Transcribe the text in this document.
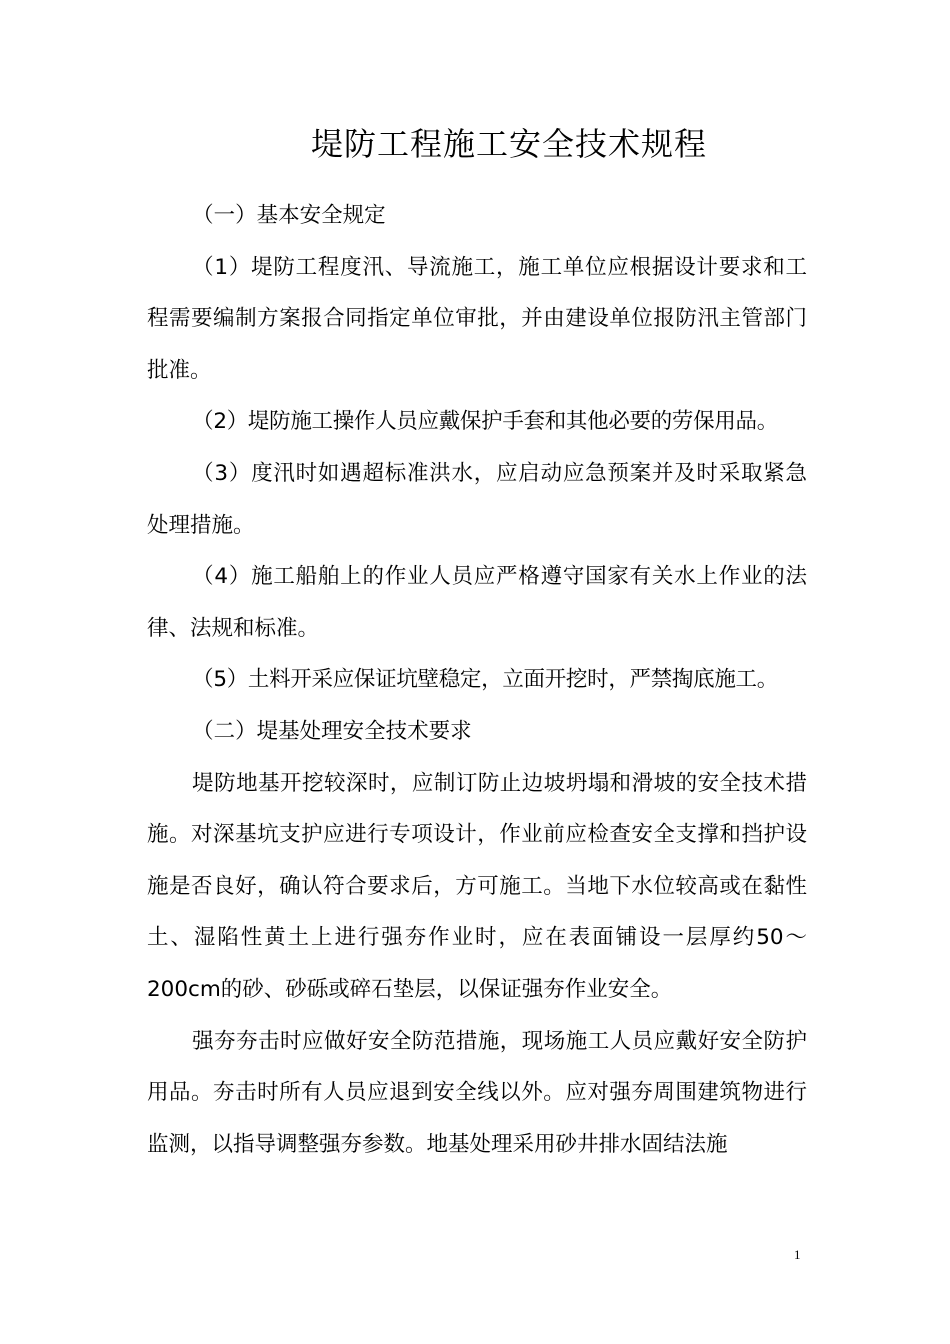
堤防工程施工安全技术规程

（一）基本安全规定

（1）堤防工程度汛、导流施工，施工单位应根据设计要求和工程需要编制方案报合同指定单位审批，并由建设单位报防汛主管部门批准。

（2）堤防施工操作人员应戴保护手套和其他必要的劳保用品。

（3）度汛时如遇超标准洪水，应启动应急预案并及时采取紧急处理措施。

（4）施工船舶上的作业人员应严格遵守国家有关水上作业的法律、法规和标准。

（5）土料开采应保证坑壁稳定，立面开挖时，严禁掏底施工。

（二）堤基处理安全技术要求

堤防地基开挖较深时，应制订防止边坡坍塌和滑坡的安全技术措施。对深基坑支护应进行专项设计，作业前应检查安全支撑和挡护设施是否良好，确认符合要求后，方可施工。当地下水位较高或在黏性土、湿陷性黄土上进行强夯作业时，应在表面铺设一层厚约50～200cm的砂、砂砾或碎石垫层，以保证强夯作业安全。

强夯夯击时应做好安全防范措施，现场施工人员应戴好安全防护用品。夯击时所有人员应退到安全线以外。应对强夯周围建筑物进行监测，以指导调整强夯参数。地基处理采用砂井排水固结法施

1
